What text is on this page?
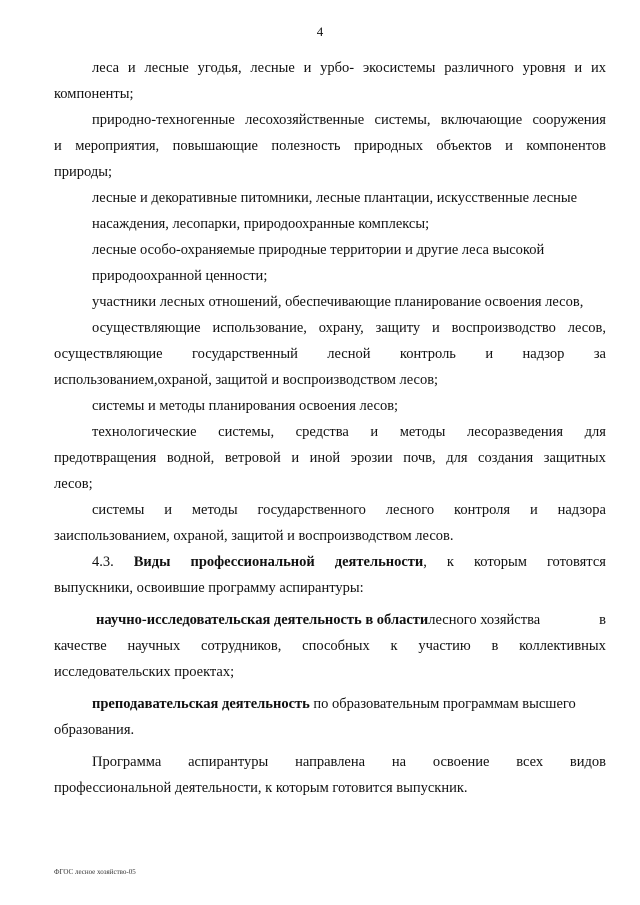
4
леса и лесные угодья, лесные и урбо- экосистемы различного уровня и их
компоненты;
природно-техногенные лесохозяйственные системы, включающие сооружения
и мероприятия, повышающие полезность природных объектов и компонентов
природы;
лесные и декоративные питомники, лесные плантации, искусственные лесные
насаждения, лесопарки, природоохранные комплексы;
лесные особо-охраняемые природные территории и другие леса высокой
природоохранной ценности;
участники лесных отношений, обеспечивающие планирование освоения лесов,
осуществляющие использование, охрану, защиту и воспроизводство лесов,
осуществляющие государственный лесной контроль и надзор за
использованием,охраной, защитой и воспроизводством лесов;
системы и методы планирования освоения лесов;
технологические системы, средства и методы лесоразведения для
предотвращения водной, ветровой и иной эрозии почв, для создания защитных
лесов;
системы и методы государственного лесного контроля и надзора
заиспользованием, охраной, защитой и воспроизводством лесов.
4.3. Виды профессиональной деятельности, к которым готовятся
выпускники, освоившие программу аспирантуры:
научно-исследовательская деятельность в областилесного хозяйства	в
качестве научных сотрудников, способных к участию в коллективных
исследовательских проектах;
преподавательская деятельность по образовательным программам высшего
образования.
Программа аспирантуры направлена на освоение всех видов
профессиональной деятельности, к которым готовится выпускник.
ФГОС лесное хозяйство-05
